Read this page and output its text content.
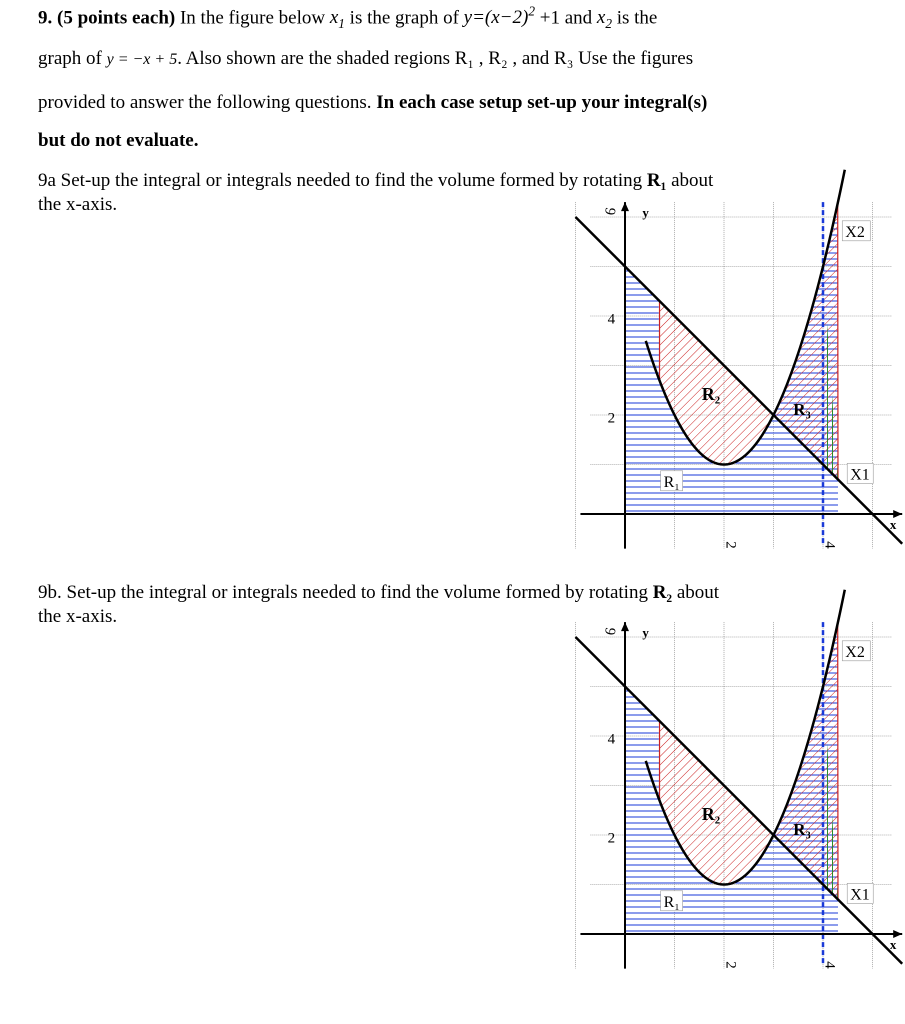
9. (5 points each) In the figure below $x_1$ is the graph of $y=(x-2)^2 +1$ and $x_2$ is the
graph of y = −x + 5. Also shown are the shaded regions R₁ , R₂ , and R₃ Use the figures
provided to answer the following questions. In each case setup set-up your integral(s)
but do not evaluate.
9a Set-up the integral or integrals needed to find the volume formed by rotating R₁ about
the x-axis.
9b. Set-up the integral or integrals needed to find the volume formed by rotating R₂ about
the x-axis.
y
x
4
2
6
2	4
X2
X1
R₁
R₂
R₃
y
x
4
2
6
2	4
X2
X1
R₁
R₂
R₃
